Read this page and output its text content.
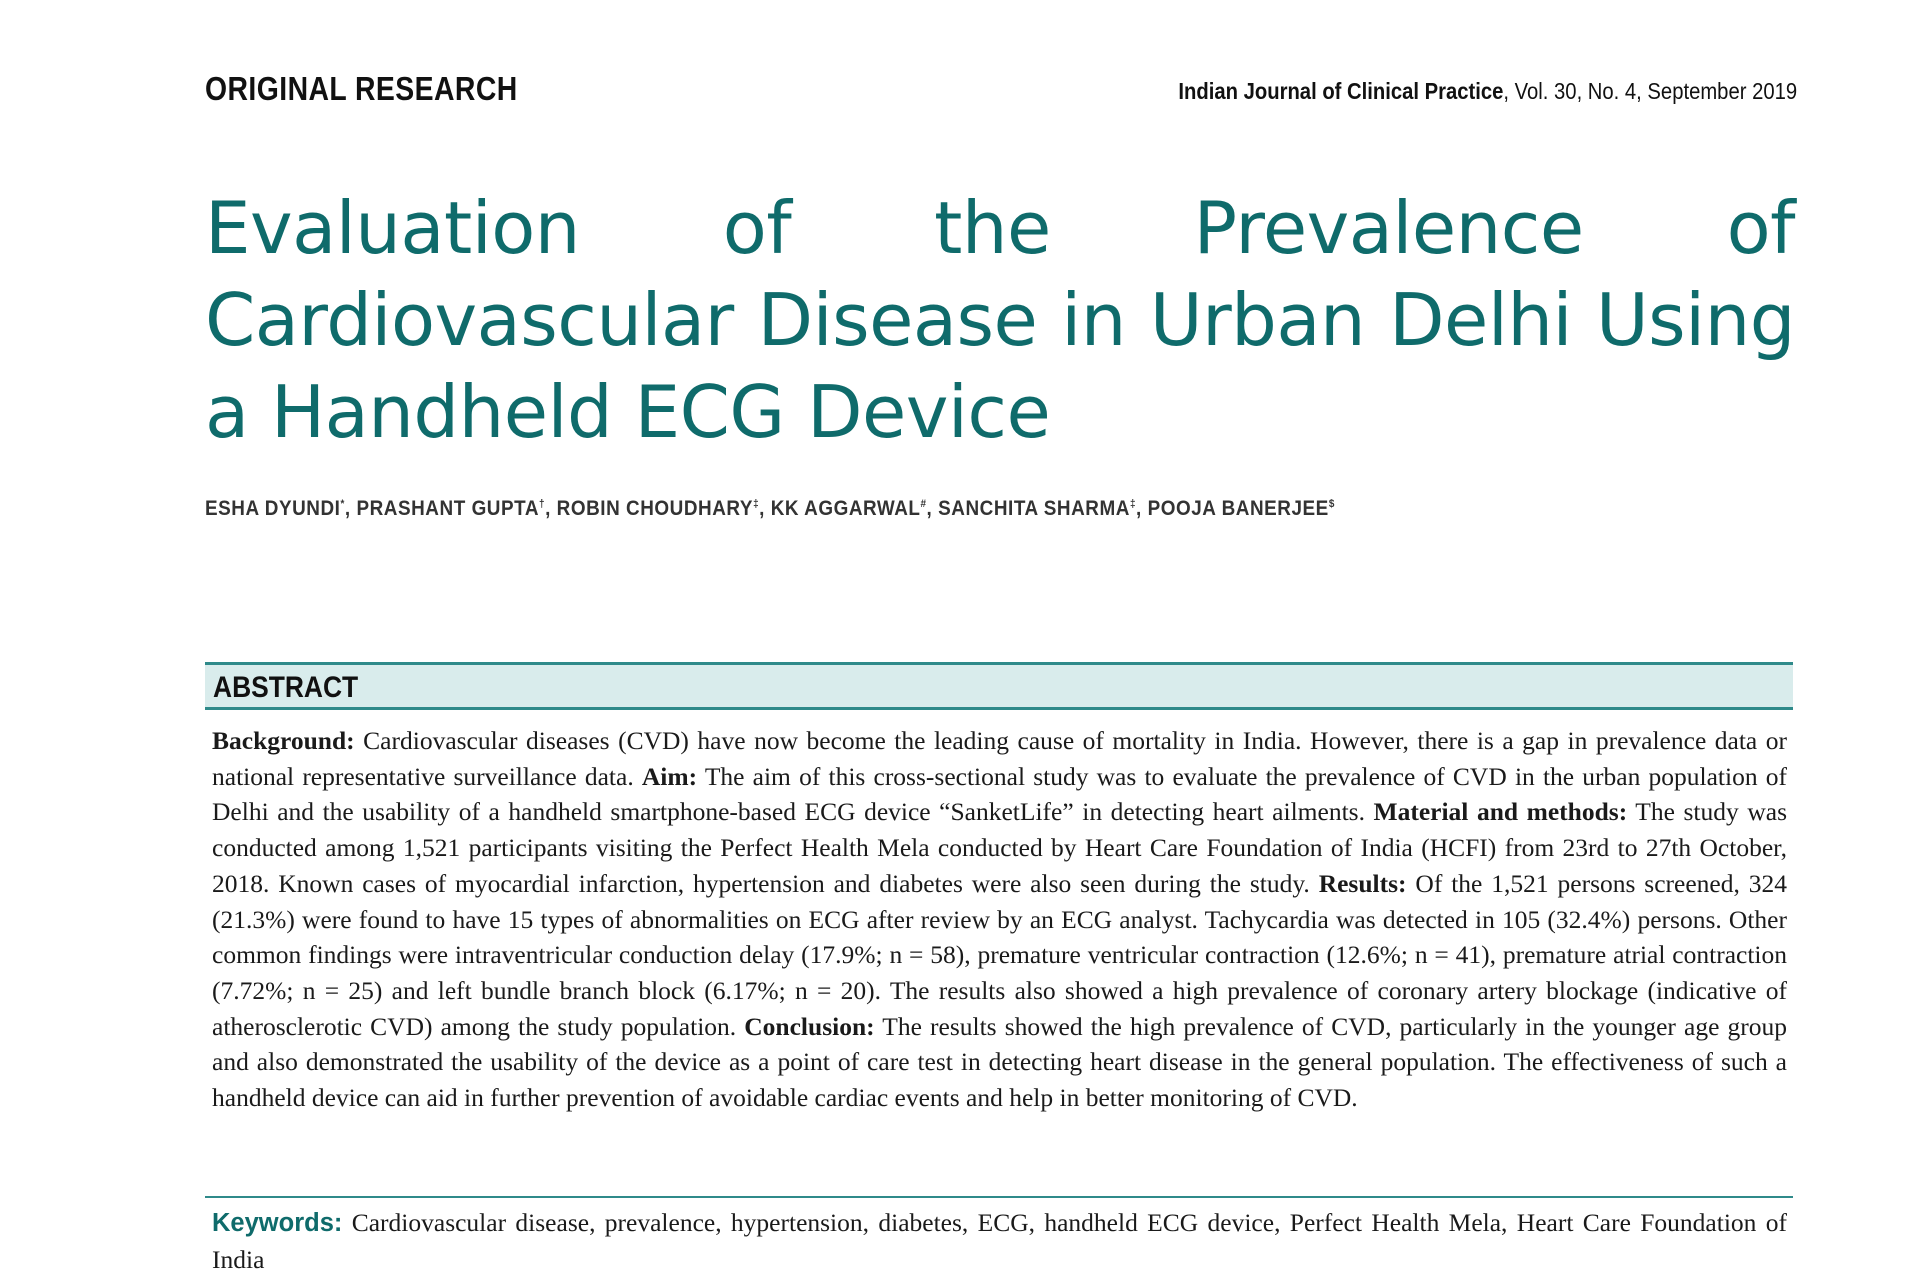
ORIGINAL RESEARCH	Indian Journal of Clinical Practice, Vol. 30, No. 4, September 2019
Evaluation of the Prevalence of Cardiovascular Disease in Urban Delhi Using a Handheld ECG Device
ESHA DYUNDI*, PRASHANT GUPTA†, ROBIN CHOUDHARY‡, KK AGGARWAL#, SANCHITA SHARMA‡, POOJA BANERJEE$
ABSTRACT

Background: Cardiovascular diseases (CVD) have now become the leading cause of mortality in India. However, there is a gap in prevalence data or national representative surveillance data. Aim: The aim of this cross-sectional study was to evaluate the prevalence of CVD in the urban population of Delhi and the usability of a handheld smartphone-based ECG device “SanketLife” in detecting heart ailments. Material and methods: The study was conducted among 1,521 participants visiting the Perfect Health Mela conducted by Heart Care Foundation of India (HCFI) from 23rd to 27th October, 2018. Known cases of myocardial infarction, hypertension and diabetes were also seen during the study. Results: Of the 1,521 persons screened, 324 (21.3%) were found to have 15 types of abnormalities on ECG after review by an ECG analyst. Tachycardia was detected in 105 (32.4%) persons. Other common findings were intraventricular conduction delay (17.9%; n = 58), premature ventricular contraction (12.6%; n = 41), premature atrial contraction (7.72%; n = 25) and left bundle branch block (6.17%; n = 20). The results also showed a high prevalence of coronary artery blockage (indicative of atherosclerotic CVD) among the study population. Conclusion: The results showed the high prevalence of CVD, particularly in the younger age group and also demonstrated the usability of the device as a point of care test in detecting heart disease in the general population. The effectiveness of such a handheld device can aid in further prevention of avoidable cardiac events and help in better monitoring of CVD.

Keywords: Cardiovascular disease, prevalence, hypertension, diabetes, ECG, handheld ECG device, Perfect Health Mela, Heart Care Foundation of India
